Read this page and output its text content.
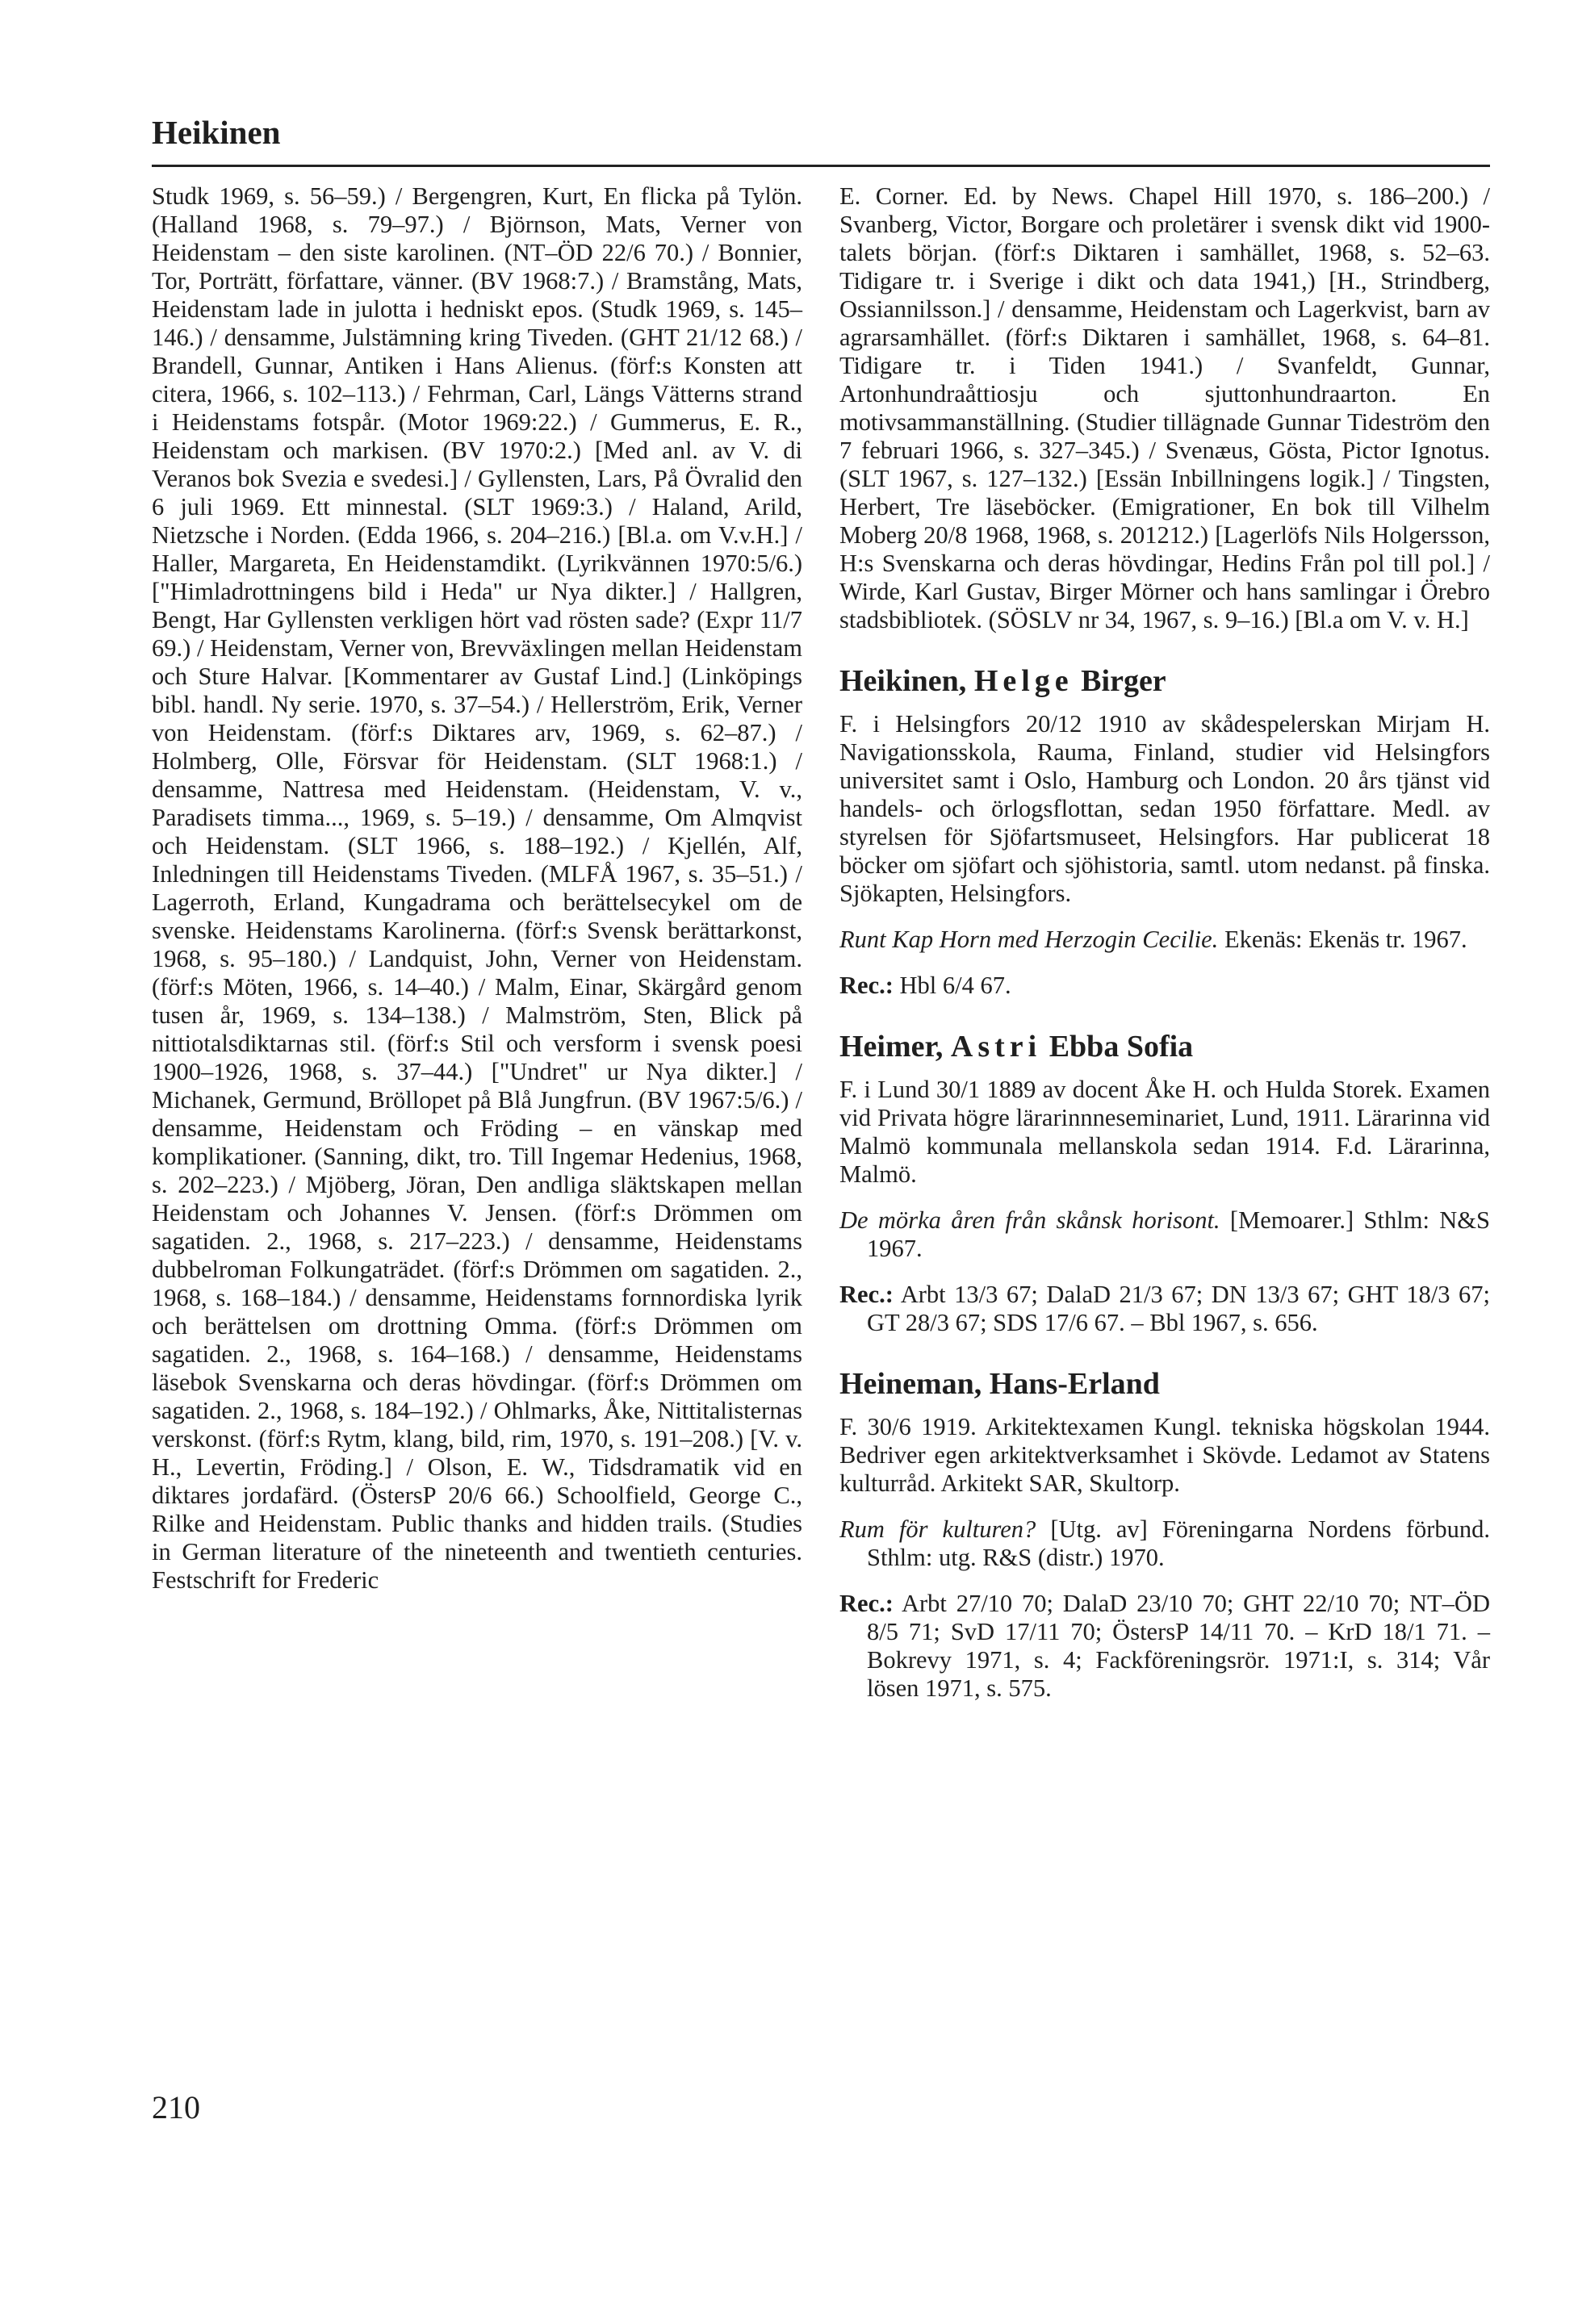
Heikinen

Studk 1969, s. 56–59.) / Bergengren, Kurt, En flicka på Tylön. (Halland 1968, s. 79–97.) / Björnson, Mats, Verner von Heidenstam – den siste karolinen. (NT–ÖD 22/6 70.) / Bonnier, Tor, Porträtt, författare, vänner. (BV 1968:7.) / Bramstång, Mats, Heidenstam lade in julotta i hedniskt epos. (Studk 1969, s. 145–146.) / densamme, Julstämning kring Tiveden. (GHT 21/12 68.) / Brandell, Gunnar, Antiken i Hans Alienus. (förf:s Konsten att citera, 1966, s. 102–113.) / Fehrman, Carl, Längs Vätterns strand i Heidenstams fotspår. (Motor 1969:22.) / Gummerus, E. R., Heidenstam och markisen. (BV 1970:2.) [Med anl. av V. di Veranos bok Svezia e svedesi.] / Gyllensten, Lars, På Övralid den 6 juli 1969. Ett minnestal. (SLT 1969:3.) / Haland, Arild, Nietzsche i Norden. (Edda 1966, s. 204–216.) [Bl.a. om V.v.H.] / Haller, Margareta, En Heidenstamdikt. (Lyrikvännen 1970:5/6.) ["Himladrottningens bild i Heda" ur Nya dikter.] / Hallgren, Bengt, Har Gyllensten verkligen hört vad rösten sade? (Expr 11/7 69.) / Heidenstam, Verner von, Brevväxlingen mellan Heidenstam och Sture Halvar. [Kommentarer av Gustaf Lind.] (Linköpings bibl. handl. Ny serie. 1970, s. 37–54.) / Hellerström, Erik, Verner von Heidenstam. (förf:s Diktares arv, 1969, s. 62–87.) / Holmberg, Olle, Försvar för Heidenstam. (SLT 1968:1.) / densamme, Nattresa med Heidenstam. (Heidenstam, V. v., Paradisets timma..., 1969, s. 5–19.) / densamme, Om Almqvist och Heidenstam. (SLT 1966, s. 188–192.) / Kjellén, Alf, Inledningen till Heidenstams Tiveden. (MLFÅ 1967, s. 35–51.) / Lagerroth, Erland, Kungadrama och berättelsecykel om de svenske. Heidenstams Karolinerna. (förf:s Svensk berättarkonst, 1968, s. 95–180.) / Landquist, John, Verner von Heidenstam. (förf:s Möten, 1966, s. 14–40.) / Malm, Einar, Skärgård genom tusen år, 1969, s. 134–138.) / Malmström, Sten, Blick på nittiotalsdiktarnas stil. (förf:s Stil och versform i svensk poesi 1900–1926, 1968, s. 37–44.) ["Undret" ur Nya dikter.] / Michanek, Germund, Bröllopet på Blå Jungfrun. (BV 1967:5/6.) / densamme, Heidenstam och Fröding – en vänskap med komplikationer. (Sanning, dikt, tro. Till Ingemar Hedenius, 1968, s. 202–223.) / Mjöberg, Jöran, Den andliga släktskapen mellan Heidenstam och Johannes V. Jensen. (förf:s Drömmen om sagatiden. 2., 1968, s. 217–223.) / densamme, Heidenstams dubbelroman Folkungaträdet. (förf:s Drömmen om sagatiden. 2., 1968, s. 168–184.) / densamme, Heidenstams fornnordiska lyrik och berättelsen om drottning Omma. (förf:s Drömmen om sagatiden. 2., 1968, s. 164–168.) / densamme, Heidenstams läsebok Svenskarna och deras hövdingar. (förf:s Drömmen om sagatiden. 2., 1968, s. 184–192.) / Ohlmarks, Åke, Nittitalisternas verskonst. (förf:s Rytm, klang, bild, rim, 1970, s. 191–208.) [V. v. H., Levertin, Fröding.] / Olson, E. W., Tidsdramatik vid en diktares jordafärd. (ÖstersP 20/6 66.) Schoolfield, George C., Rilke and Heidenstam. Public thanks and hidden trails. (Studies in German literature of the nineteenth and twentieth centuries. Festschrift for Frederic

E. Corner. Ed. by News. Chapel Hill 1970, s. 186–200.) / Svanberg, Victor, Borgare och proletärer i svensk dikt vid 1900-talets början. (förf:s Diktaren i samhället, 1968, s. 52–63. Tidigare tr. i Sverige i dikt och data 1941,) [H., Strindberg, Ossiannilsson.] / densamme, Heidenstam och Lagerkvist, barn av agrarsamhället. (förf:s Diktaren i samhället, 1968, s. 64–81. Tidigare tr. i Tiden 1941.) / Svanfeldt, Gunnar, Artonhundraåttiosju och sjuttonhundraarton. En motivsammanställning. (Studier tillägnade Gunnar Tideström den 7 februari 1966, s. 327–345.) / Svenæus, Gösta, Pictor Ignotus. (SLT 1967, s. 127–132.) [Essän Inbillningens logik.] / Tingsten, Herbert, Tre läseböcker. (Emigrationer, En bok till Vilhelm Moberg 20/8 1968, 1968, s. 201212.) [Lagerlöfs Nils Holgersson, H:s Svenskarna och deras hövdingar, Hedins Från pol till pol.] / Wirde, Karl Gustav, Birger Mörner och hans samlingar i Örebro stadsbibliotek. (SÖSLV nr 34, 1967, s. 9–16.) [Bl.a om V. v. H.]

Heikinen, Helge Birger

F. i Helsingfors 20/12 1910 av skådespelerskan Mirjam H. Navigationsskola, Rauma, Finland, studier vid Helsingfors universitet samt i Oslo, Hamburg och London. 20 års tjänst vid handels- och örlogsflottan, sedan 1950 författare. Medl. av styrelsen för Sjöfartsmuseet, Helsingfors. Har publicerat 18 böcker om sjöfart och sjöhistoria, samtl. utom nedanst. på finska. Sjökapten, Helsingfors.

Runt Kap Horn med Herzogin Cecilie. Ekenäs: Ekenäs tr. 1967.

Rec.: Hbl 6/4 67.

Heimer, Astri Ebba Sofia

F. i Lund 30/1 1889 av docent Åke H. och Hulda Storek. Examen vid Privata högre lärarinnneseminariet, Lund, 1911. Lärarinna vid Malmö kommunala mellanskola sedan 1914. F.d. Lärarinna, Malmö.

De mörka åren från skånsk horisont. [Memoarer.] Sthlm: N&S 1967.

Rec.: Arbt 13/3 67; DalaD 21/3 67; DN 13/3 67; GHT 18/3 67; GT 28/3 67; SDS 17/6 67. – Bbl 1967, s. 656.

Heineman, Hans-Erland

F. 30/6 1919. Arkitektexamen Kungl. tekniska högskolan 1944. Bedriver egen arkitektverksamhet i Skövde. Ledamot av Statens kulturråd. Arkitekt SAR, Skultorp.

Rum för kulturen? [Utg. av] Föreningarna Nordens förbund. Sthlm: utg. R&S (distr.) 1970.

Rec.: Arbt 27/10 70; DalaD 23/10 70; GHT 22/10 70; NT–ÖD 8/5 71; SvD 17/11 70; ÖstersP 14/11 70. – KrD 18/1 71. – Bokrevy 1971, s. 4; Fackföreningsrör. 1971:I, s. 314; Vår lösen 1971, s. 575.

210
